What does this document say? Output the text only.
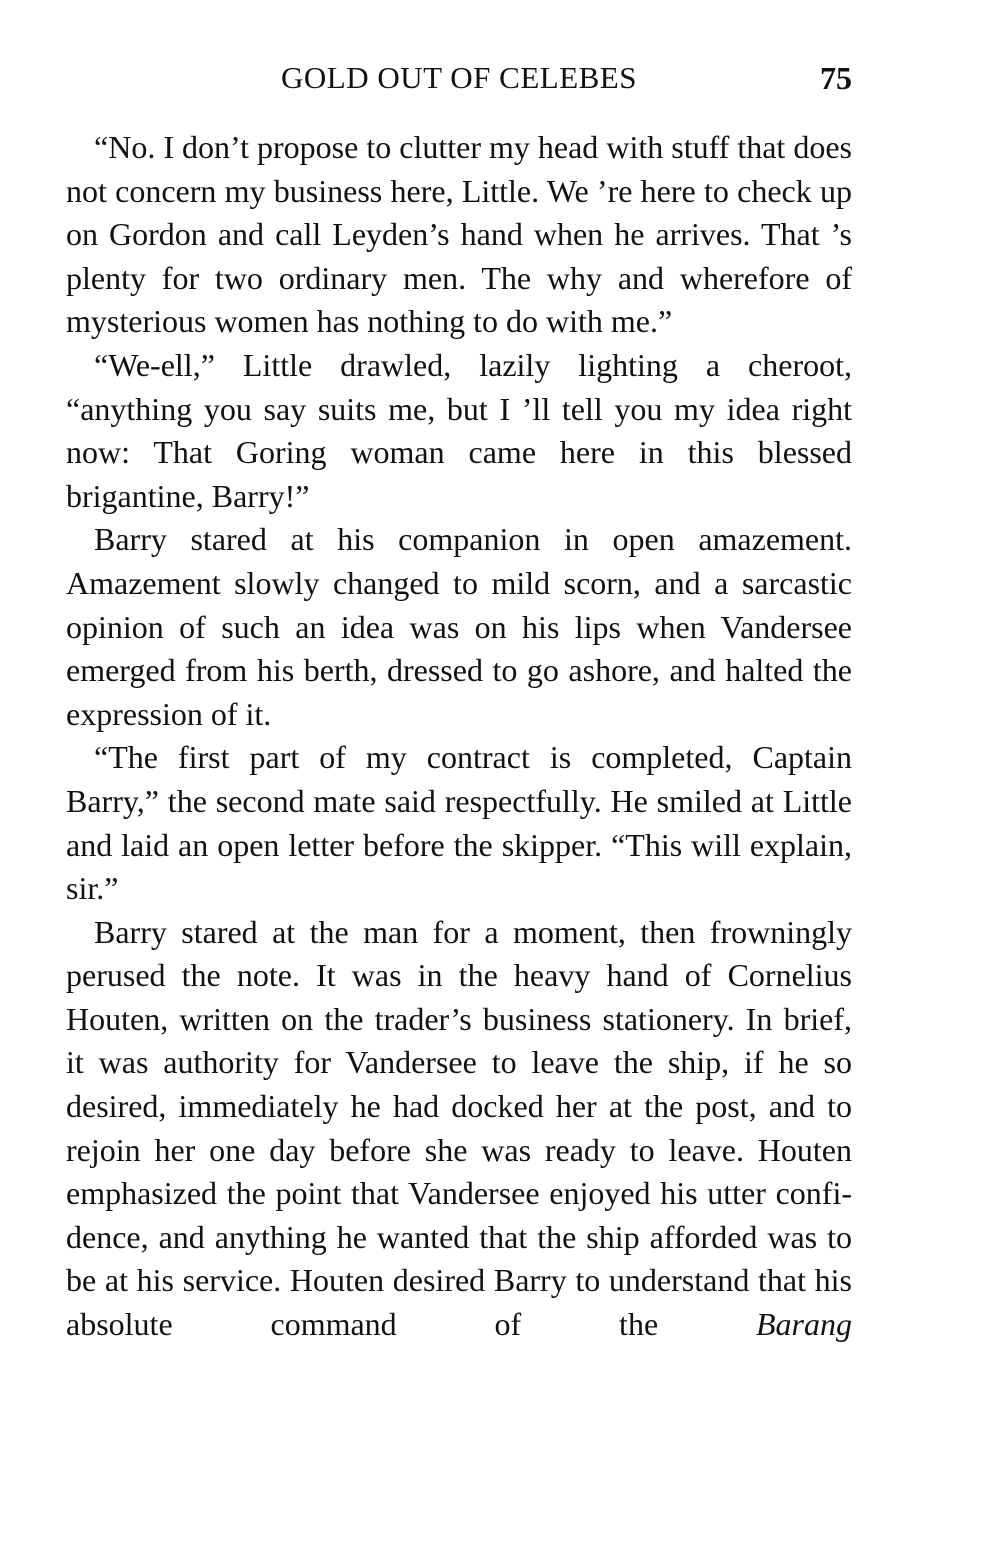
GOLD OUT OF CELEBES	75

“No. I don’t propose to clutter my head with stuff that does not concern my business here, Little. We ’re here to check up on Gordon and call Leyden’s hand when he arrives. That ’s plenty for two ordinary men. The why and wherefore of mysterious women has nothing to do with me.”

“We-ell,” Little drawled, lazily lighting a cheroot, “anything you say suits me, but I ’ll tell you my idea right now: That Goring woman came here in this blessed brigantine, Barry!”

Barry stared at his companion in open amazement. Amazement slowly changed to mild scorn, and a sarcastic opinion of such an idea was on his lips when Vandersee emerged from his berth, dressed to go ashore, and halted the expression of it.

“The first part of my contract is completed, Captain Barry,” the second mate said respectfully. He smiled at Little and laid an open letter before the skipper. “This will explain, sir.”

Barry stared at the man for a moment, then frowningly perused the note. It was in the heavy hand of Cornelius Houten, written on the trader’s business stationery. In brief, it was authority for Vandersee to leave the ship, if he so desired, immediately he had docked her at the post, and to rejoin her one day before she was ready to leave. Houten emphasized the point that Vandersee enjoyed his utter confidence, and anything he wanted that the ship afforded was to be at his service. Houten desired Barry to understand that his absolute command of the Barang
